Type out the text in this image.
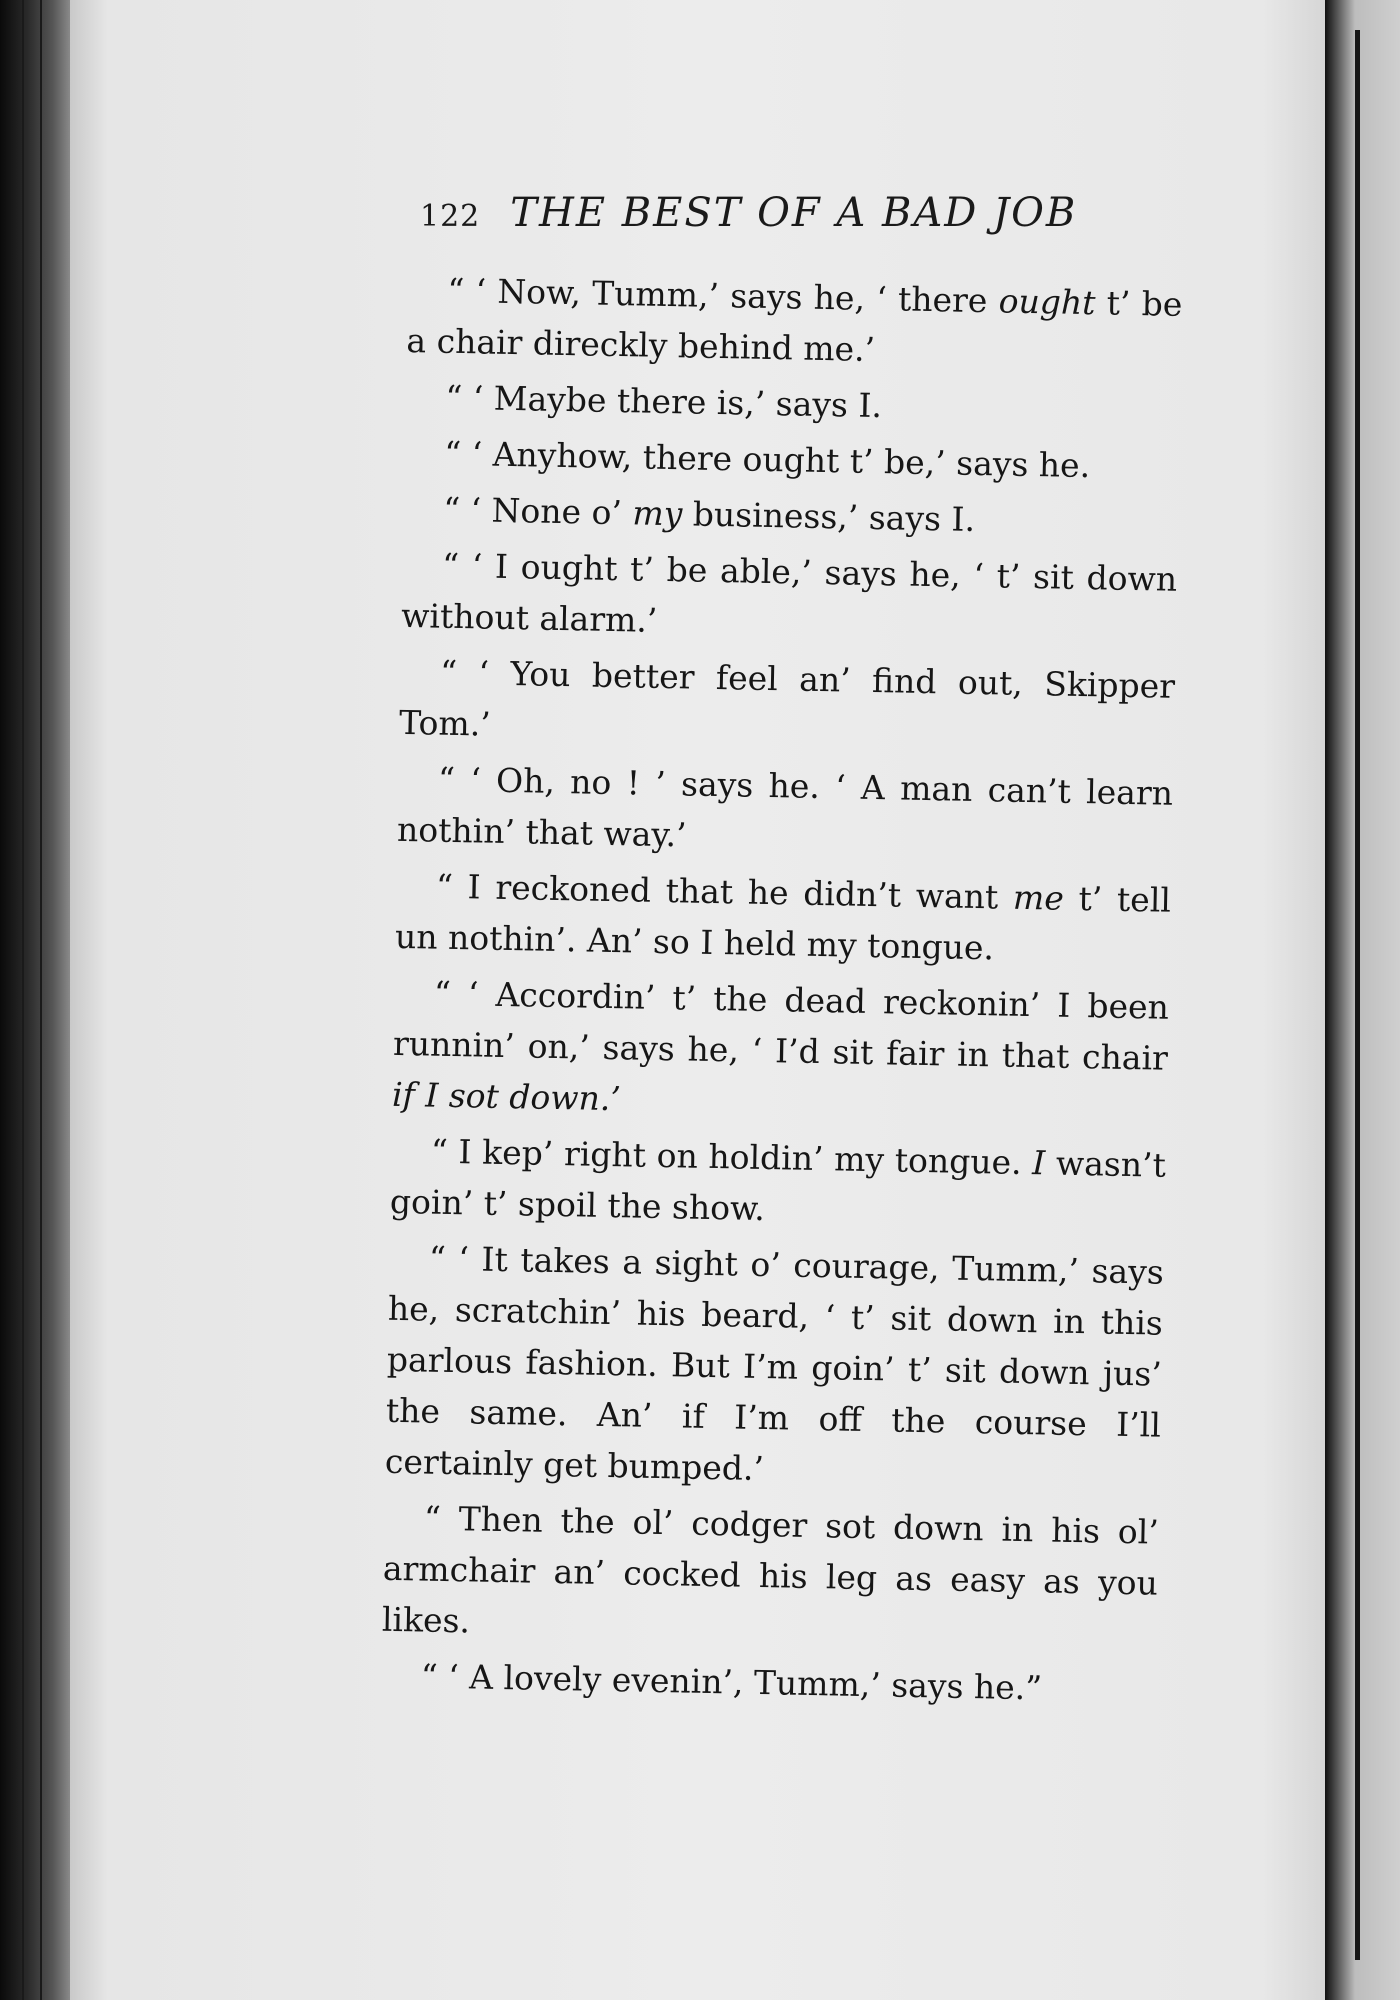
122 THE BEST OF A BAD JOB

“ ‘ Now, Tumm,’ says he, ‘ there ought t’ be a chair direckly behind me.’

“ ‘ Maybe there is,’ says I.

“ ‘ Anyhow, there ought t’ be,’ says he.

“ ‘ None o’ my business,’ says I.

“ ‘ I ought t’ be able,’ says he, ‘ t’ sit down without alarm.’

“ ‘ You better feel an’ find out, Skipper Tom.’

“ ‘ Oh, no ! ’ says he. ‘ A man can’t learn nothin’ that way.’

“ I reckoned that he didn’t want me t’ tell un nothin’. An’ so I held my tongue.

“ ‘ Accordin’ t’ the dead reckonin’ I been runnin’ on,’ says he, ‘ I’d sit fair in that chair if I sot down.’

“ I kep’ right on holdin’ my tongue. I wasn’t goin’ t’ spoil the show.

“ ‘ It takes a sight o’ courage, Tumm,’ says he, scratchin’ his beard, ‘ t’ sit down in this parlous fashion. But I’m goin’ t’ sit down jus’ the same. An’ if I’m off the course I’ll certainly get bumped.’

“ Then the ol’ codger sot down in his ol’ armchair an’ cocked his leg as easy as you likes.

“ ‘ A lovely evenin’, Tumm,’ says he.”
